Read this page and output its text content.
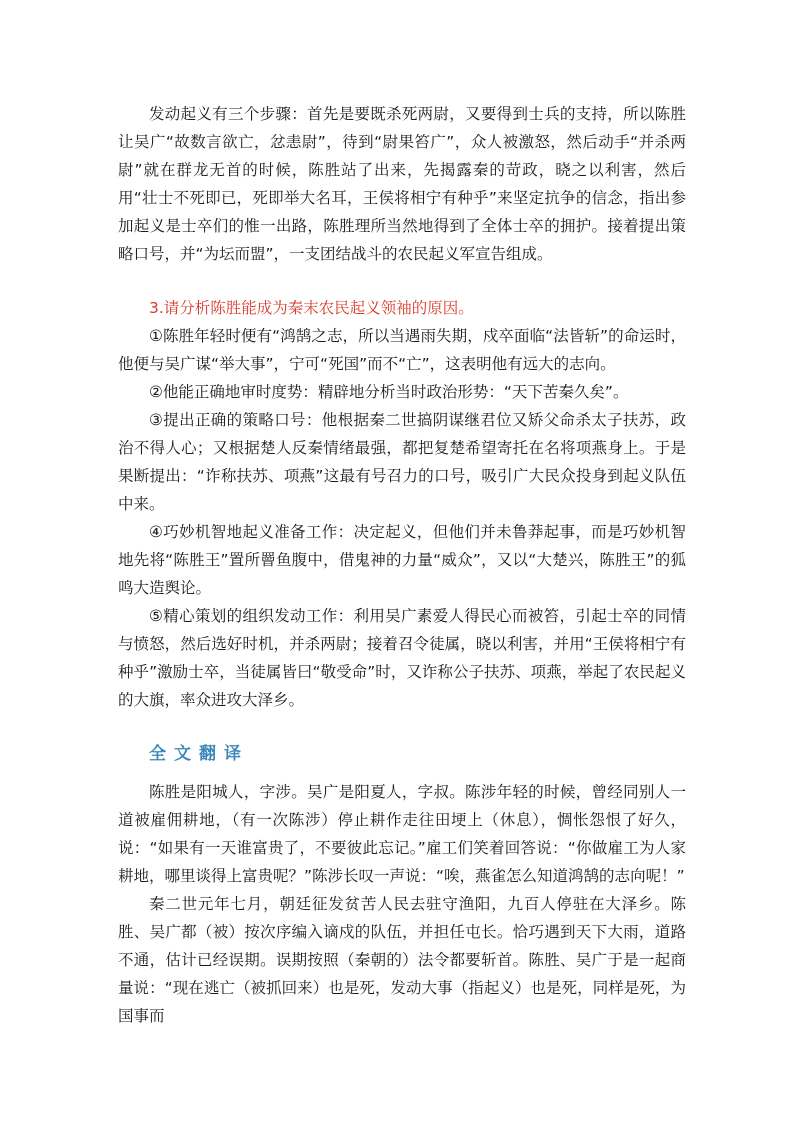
发动起义有三个步骤：首先是要既杀死两尉，又要得到士兵的支持，所以陈胜让吴广“故数言欲亡，忿恚尉”，待到“尉果笞广”，众人被激怒，然后动手“并杀两尉”就在群龙无首的时候，陈胜站了出来，先揭露秦的苛政，晓之以利害，然后用“壮士不死即已，死即举大名耳，王侯将相宁有种乎”来坚定抗争的信念，指出参加起义是士卒们的惟一出路，陈胜理所当然地得到了全体士卒的拥护。接着提出策略口号，并“为坛而盟”，一支团结战斗的农民起义军宣告组成。

3.请分析陈胜能成为秦末农民起义领袖的原因。

①陈胜年轻时便有“鸿鹄之志，所以当遇雨失期，戍卒面临“法皆斩”的命运时，他便与吴广谋“举大事”，宁可“死国”而不“亡”，这表明他有远大的志向。

②他能正确地审时度势：精辟地分析当时政治形势：“天下苦秦久矣”。

③提出正确的策略口号：他根据秦二世搞阴谋继君位又矫父命杀太子扶苏，政治不得人心；又根据楚人反秦情绪最强，都把复楚希望寄托在名将项燕身上。于是果断提出：“诈称扶苏、项燕”这最有号召力的口号，吸引广大民众投身到起义队伍中来。

④巧妙机智地起义准备工作：决定起义，但他们并未鲁莽起事，而是巧妙机智地先将“陈胜王”置所罾鱼腹中，借鬼神的力量“威众”，又以“大楚兴，陈胜王”的狐鸣大造舆论。

⑤精心策划的组织发动工作：利用吴广素爱人得民心而被笞，引起士卒的同情与愤怒，然后选好时机，并杀两尉；接着召令徒属，晓以利害，并用“王侯将相宁有种乎”激励士卒，当徒属皆曰“敬受命”时，又诈称公子扶苏、项燕，举起了农民起义的大旗，率众进攻大泽乡。

全文翻译

陈胜是阳城人，字涉。吴广是阳夏人，字叔。陈涉年轻的时候，曾经同别人一道被雇佣耕地，（有一次陈涉）停止耕作走往田埂上（休息），惆怅怨恨了好久，说：“如果有一天谁富贵了，不要彼此忘记。”雇工们笑着回答说：“你做雇工为人家耕地，哪里谈得上富贵呢？”陈涉长叹一声说：“唉，燕雀怎么知道鸿鹄的志向呢！”

秦二世元年七月，朝廷征发贫苦人民去驻守渔阳，九百人停驻在大泽乡。陈胜、吴广都（被）按次序编入谪戍的队伍，并担任屯长。恰巧遇到天下大雨，道路不通，估计已经误期。误期按照（秦朝的）法令都要斩首。陈胜、吴广于是一起商量说：“现在逃亡（被抓回来）也是死，发动大事（指起义）也是死，同样是死，为国事而
